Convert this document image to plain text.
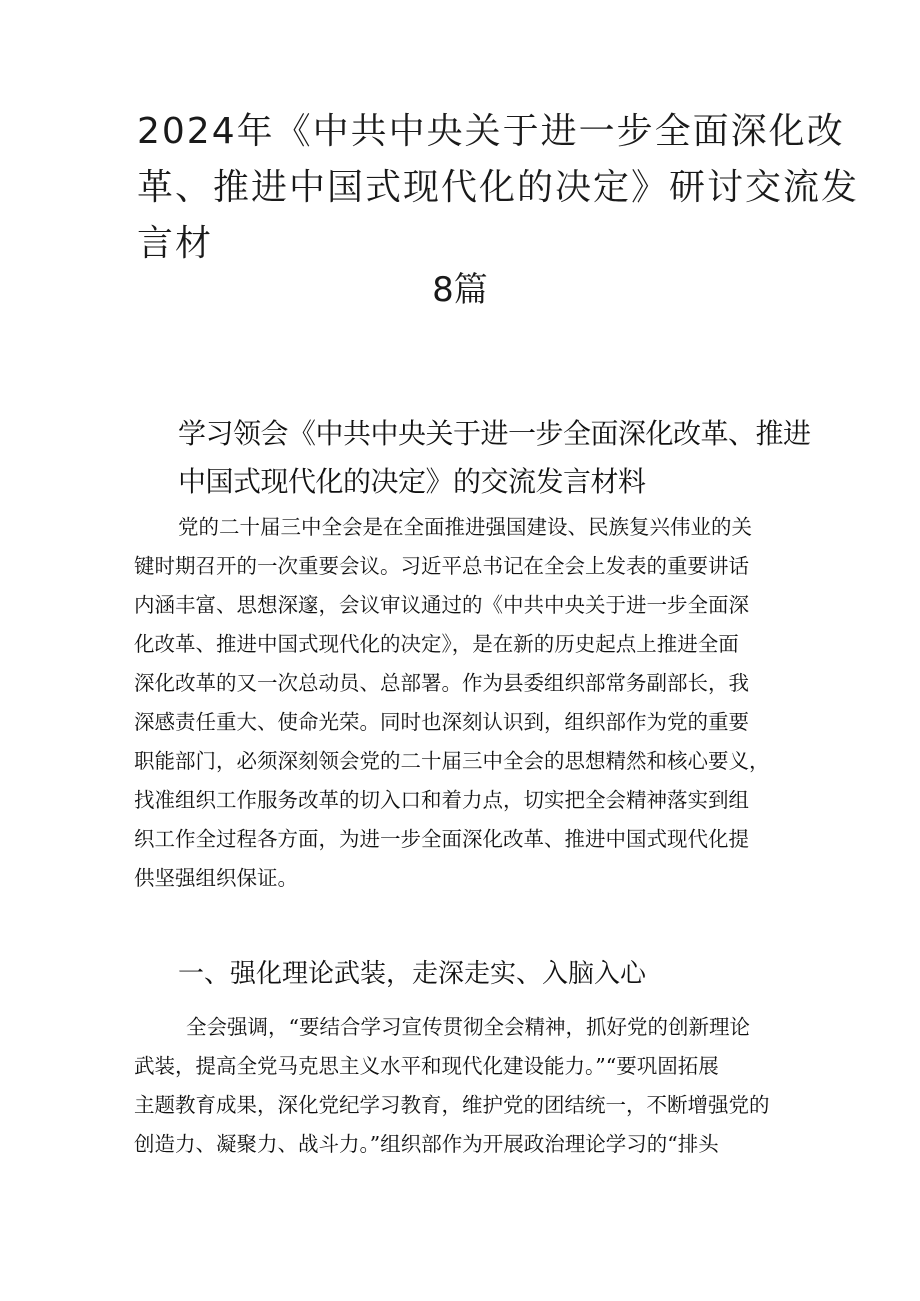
2024年《中共中央关于进一步全面深化改
革、推进中国式现代化的决定》研讨交流发
言材
8篇
学习领会《中共中央关于进一步全面深化改革、推进
中国式现代化的决定》的交流发言材料

党的二十届三中全会是在全面推进强国建设、民族复兴伟业的关
键时期召开的一次重要会议。习近平总书记在全会上发表的重要讲话
内涵丰富、思想深邃，会议审议通过的《中共中央关于进一步全面深
化改革、推进中国式现代化的决定》，是在新的历史起点上推进全面
深化改革的又一次总动员、总部署。作为县委组织部常务副部长，我
深感责任重大、使命光荣。同时也深刻认识到，组织部作为党的重要
职能部门，必须深刻领会党的二十届三中全会的思想精然和核心要义，
找准组织工作服务改革的切入口和着力点，切实把全会精神落实到组
织工作全过程各方面，为进一步全面深化改革、推进中国式现代化提
供坚强组织保证。

一、强化理论武装，走深走实、入脑入心

全会强调，“要结合学习宣传贯彻全会精神，抓好党的创新理论
武装，提高全党马克思主义水平和现代化建设能力。”“要巩固拓展
主题教育成果，深化党纪学习教育，维护党的团结统一，不断增强党的
创造力、凝聚力、战斗力。”组织部作为开展政治理论学习的“排头
